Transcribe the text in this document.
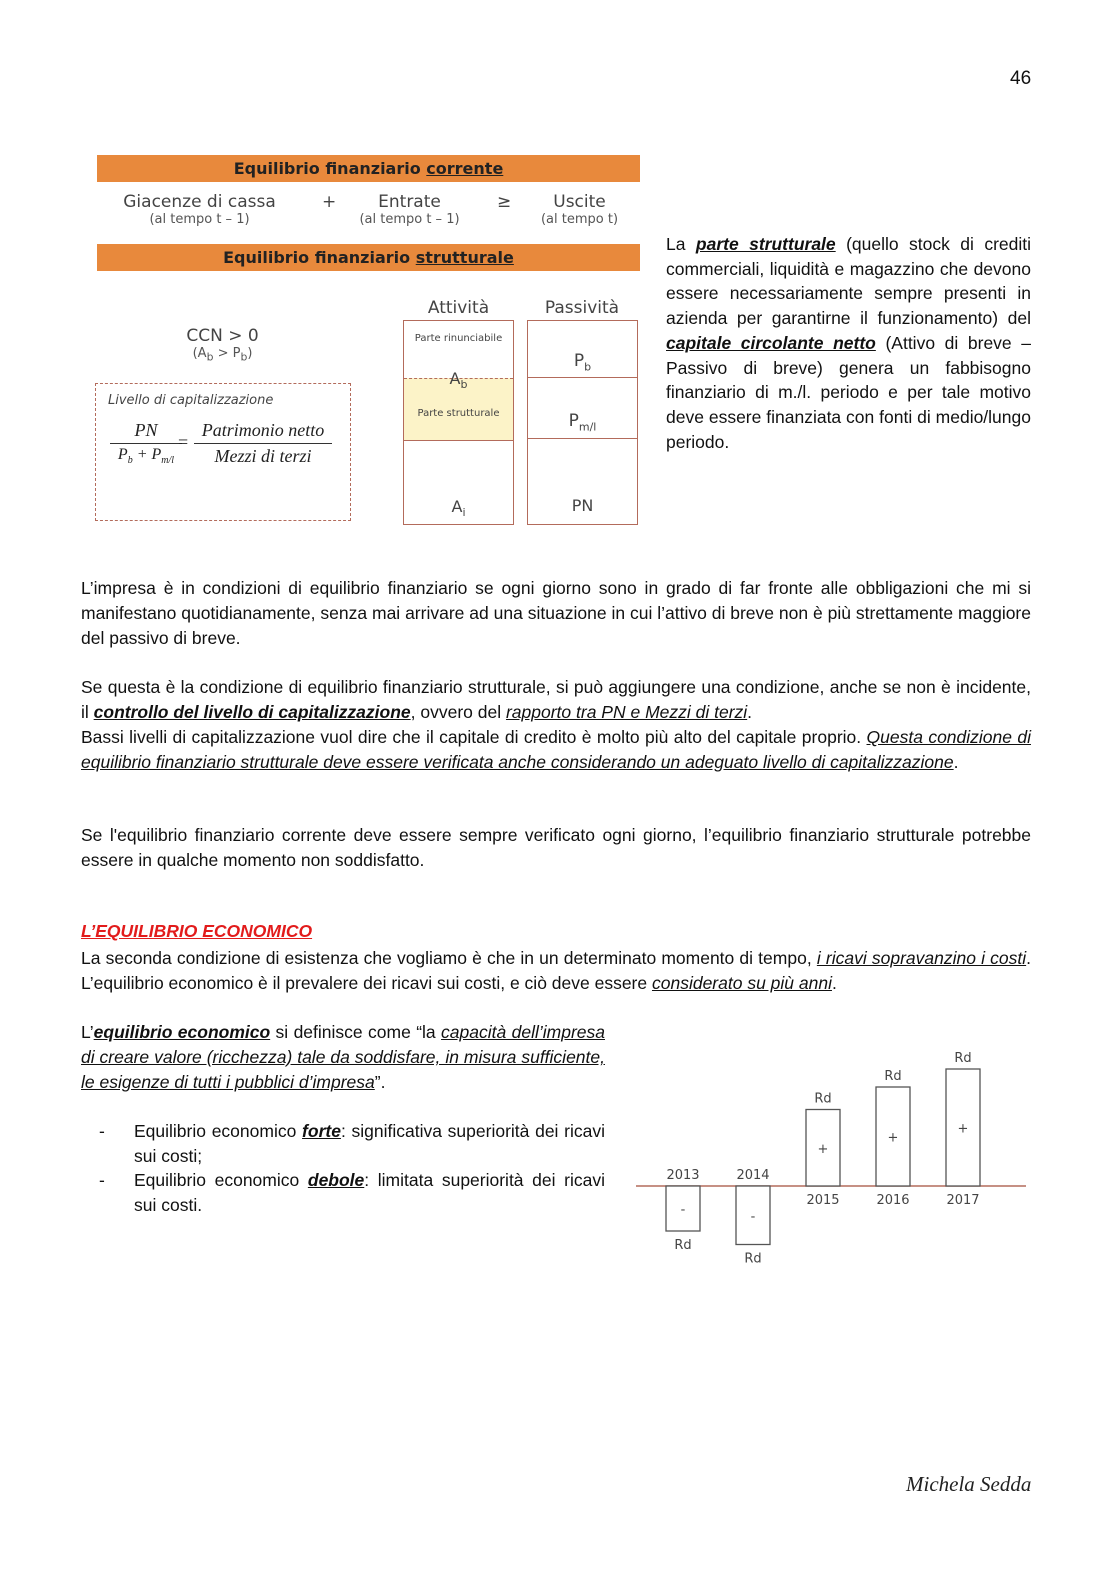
46
Equilibrio finanziario corrente
Giacenze di cassa
(al tempo t – 1)
+	Entrate
(al tempo t – 1)
≥	Uscite
(al tempo t)
Equilibrio finanziario strutturale
CCN > 0
$(A_b > P_b)$
Livello di capitalizzazione
PN
$P_b + P_{m/l}$
=
Patrimonio netto
Mezzi di terzi
Attività	Passività
Parte rinunciabile
$A_b$
Parte strutturale
$A_i$
$P_b$
$P_{m/l}$
PN
La parte strutturale (quello stock di crediti commerciali, liquidità e magazzino che devono essere necessariamente sempre presenti in azienda per garantirne il funzionamento) del capitale circolante netto (Attivo di breve – Passivo di breve) genera un fabbisogno finanziario di m./l. periodo e per tale motivo deve essere finanziata con fonti di medio/lungo periodo.
L’impresa è in condizioni di equilibrio finanziario se ogni giorno sono in grado di far fronte alle obbligazioni che mi si manifestano quotidianamente, senza mai arrivare ad una situazione in cui l’attivo di breve non è più strettamente maggiore del passivo di breve.
Se questa è la condizione di equilibrio finanziario strutturale, si può aggiungere una condizione, anche se non è incidente, il controllo del livello di capitalizzazione, ovvero del rapporto tra PN e Mezzi di terzi.
Bassi livelli di capitalizzazione vuol dire che il capitale di credito è molto più alto del capitale proprio. Questa condizione di equilibrio finanziario strutturale deve essere verificata anche considerando un adeguato livello di capitalizzazione.
Se l'equilibrio finanziario corrente deve essere sempre verificato ogni giorno, l’equilibrio finanziario strutturale potrebbe essere in qualche momento non soddisfatto.
L’EQUILIBRIO ECONOMICO
La seconda condizione di esistenza che vogliamo è che in un determinato momento di tempo, i ricavi sopravanzino i costi. L’equilibrio economico è il prevalere dei ricavi sui costi, e ciò deve essere considerato su più anni.
L’equilibrio economico si definisce come “la capacità dell’impresa di creare valore (ricchezza) tale da soddisfare, in misura sufficiente, le esigenze di tutti i pubblici d’impresa”.
- Equilibrio economico forte: significativa superiorità dei ricavi sui costi;
- Equilibrio economico debole: limitata superiorità dei ricavi sui costi.	-
Rd
2013
-
Rd
2014
+
Rd
2015
+
Rd
2016
+
Rd
2017
Michela Sedda
